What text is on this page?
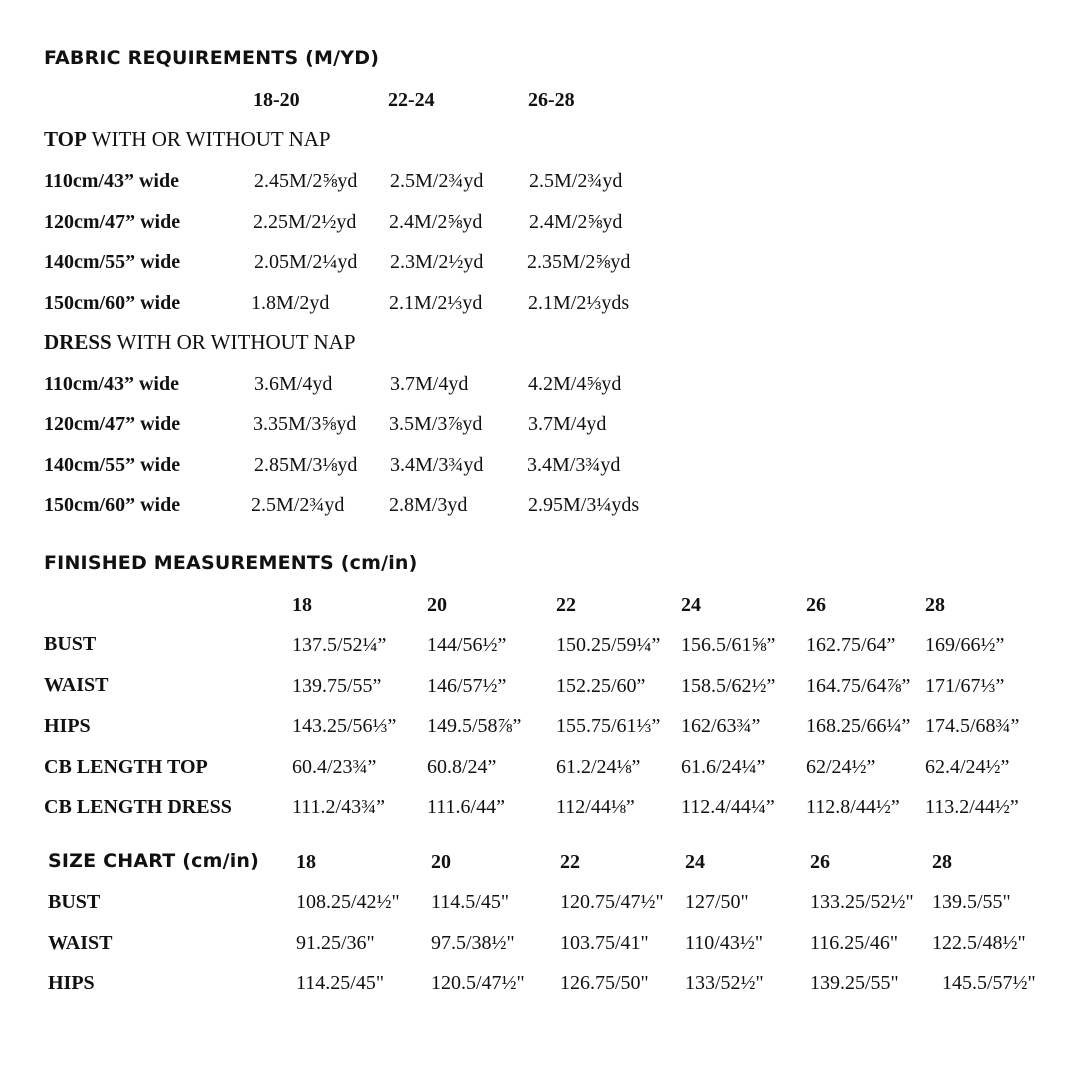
FABRIC REQUIREMENTS (M/YD)
18-20	22-24	26-28
TOP WITH OR WITHOUT NAP
110cm/43” wide	2.45M/2⅝yd 2.5M/2¾yd 2.5M/2¾yd
120cm/47” wide	2.25M/2½yd 2.4M/2⅝yd 2.4M/2⅝yd
140cm/55” wide	2.05M/2¼yd 2.3M/2½yd 2.35M/2⅝yd
150cm/60” wide	1.8M/2yd	2.1M/2⅓yd 2.1M/2⅓yds
DRESS WITH OR WITHOUT NAP
110cm/43” wide	3.6M/4yd	3.7M/4yd	4.2M/4⅝yd
120cm/47” wide	3.35M/3⅝yd 3.5M/3⅞yd 3.7M/4yd
140cm/55” wide	2.85M/3⅛yd 3.4M/3¾yd 3.4M/3¾yd
150cm/60” wide	2.5M/2¾yd 2.8M/3yd	2.95M/3¼yds
FINISHED MEASUREMENTS (cm/in)
18	20	22	24	26	28
BUST	137.5/52¼” 144/56½” 150.25/59¼” 156.5/61⅝” 162.75/64” 169/66½”
WAIST	139.75/55” 146/57½” 152.25/60” 158.5/62½” 164.75/64⅞” 171/67⅓”
HIPS	143.25/56⅓” 149.5/58⅞” 155.75/61⅓” 162/63¾” 168.25/66¼” 174.5/68¾”
CB LENGTH TOP	60.4/23¾”	60.8/24”	61.2/24⅛” 61.6/24¼” 62/24½” 62.4/24½”
CB LENGTH DRESS	111.2/43¾” 111.6/44”	112/44⅛” 112.4/44¼” 112.8/44½” 113.2/44½”
SIZE CHART (cm/in) 18	20	22	24	26	28
BUST	108.25/42½" 114.5/45"	120.75/47½" 127/50"	133.25/52½" 139.5/55"
WAIST	91.25/36"	97.5/38½" 103.75/41" 110/43½" 116.25/46" 122.5/48½"
HIPS	114.25/45" 120.5/47½" 126.75/50" 133/52½" 139.25/55" 145.5/57½"
